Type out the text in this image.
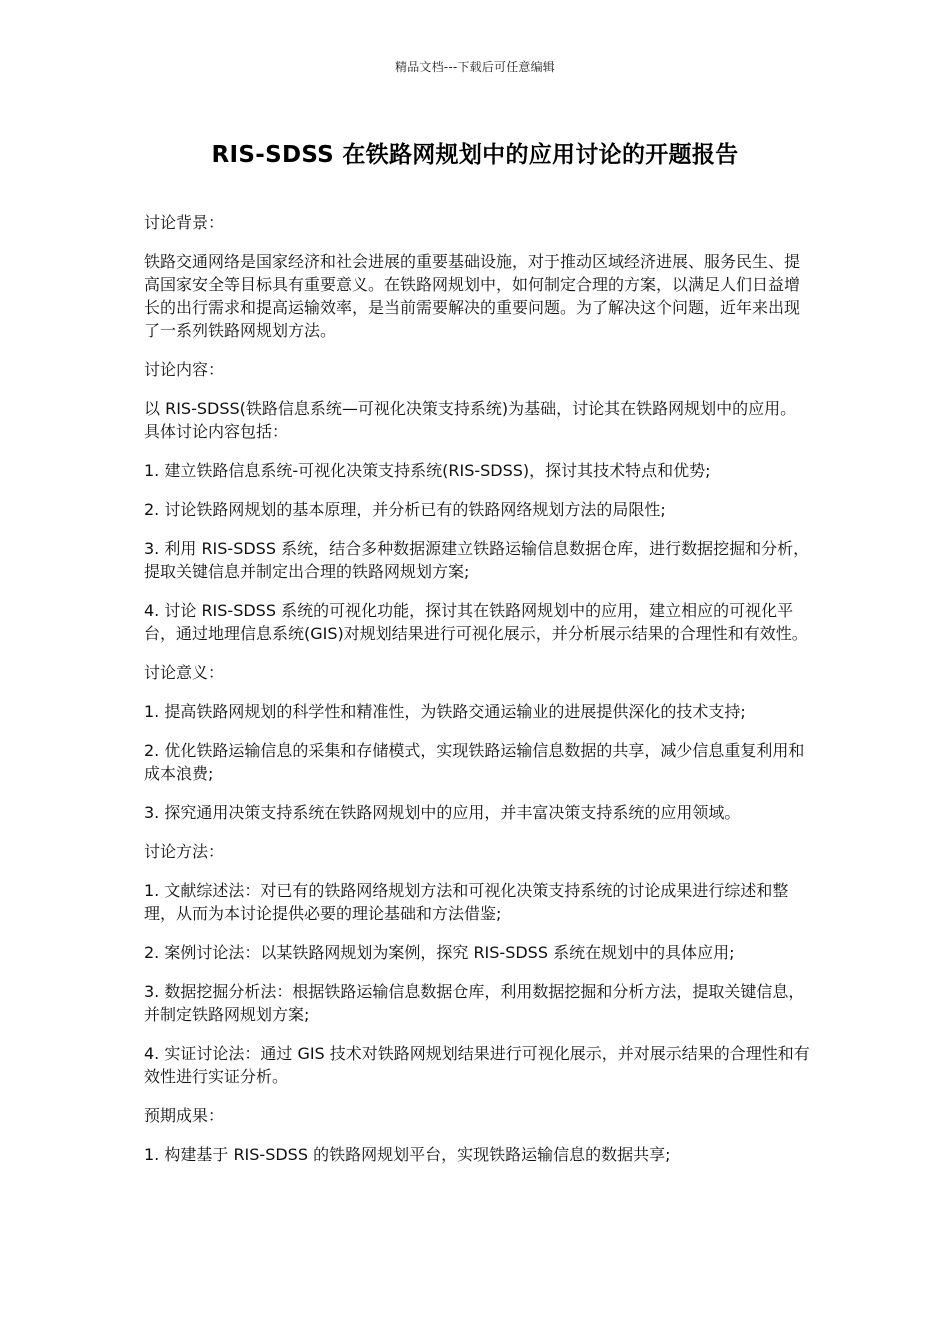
精品文档---下载后可任意编辑
RIS-SDSS 在铁路网规划中的应用讨论的开题报告

讨论背景：

铁路交通网络是国家经济和社会进展的重要基础设施，对于推动区域经济进展、服务民生、提高国家安全等目标具有重要意义。在铁路网规划中，如何制定合理的方案，以满足人们日益增长的出行需求和提高运输效率，是当前需要解决的重要问题。为了解决这个问题，近年来出现了一系列铁路网规划方法。

讨论内容：

以 RIS-SDSS(铁路信息系统—可视化决策支持系统)为基础，讨论其在铁路网规划中的应用。具体讨论内容包括：

1. 建立铁路信息系统-可视化决策支持系统(RIS-SDSS)，探讨其技术特点和优势;

2. 讨论铁路网规划的基本原理，并分析已有的铁路网络规划方法的局限性;

3. 利用 RIS-SDSS 系统，结合多种数据源建立铁路运输信息数据仓库，进行数据挖掘和分析，提取关键信息并制定出合理的铁路网规划方案;

4. 讨论 RIS-SDSS 系统的可视化功能，探讨其在铁路网规划中的应用，建立相应的可视化平台，通过地理信息系统(GIS)对规划结果进行可视化展示，并分析展示结果的合理性和有效性。

讨论意义：

1. 提高铁路网规划的科学性和精准性，为铁路交通运输业的进展提供深化的技术支持;

2. 优化铁路运输信息的采集和存储模式，实现铁路运输信息数据的共享，减少信息重复利用和成本浪费;

3. 探究通用决策支持系统在铁路网规划中的应用，并丰富决策支持系统的应用领域。

讨论方法：

1. 文献综述法：对已有的铁路网络规划方法和可视化决策支持系统的讨论成果进行综述和整理，从而为本讨论提供必要的理论基础和方法借鉴;

2. 案例讨论法：以某铁路网规划为案例，探究 RIS-SDSS 系统在规划中的具体应用;

3. 数据挖掘分析法：根据铁路运输信息数据仓库，利用数据挖掘和分析方法，提取关键信息，并制定铁路网规划方案;

4. 实证讨论法：通过 GIS 技术对铁路网规划结果进行可视化展示，并对展示结果的合理性和有效性进行实证分析。

预期成果：

1. 构建基于 RIS-SDSS 的铁路网规划平台，实现铁路运输信息的数据共享;
